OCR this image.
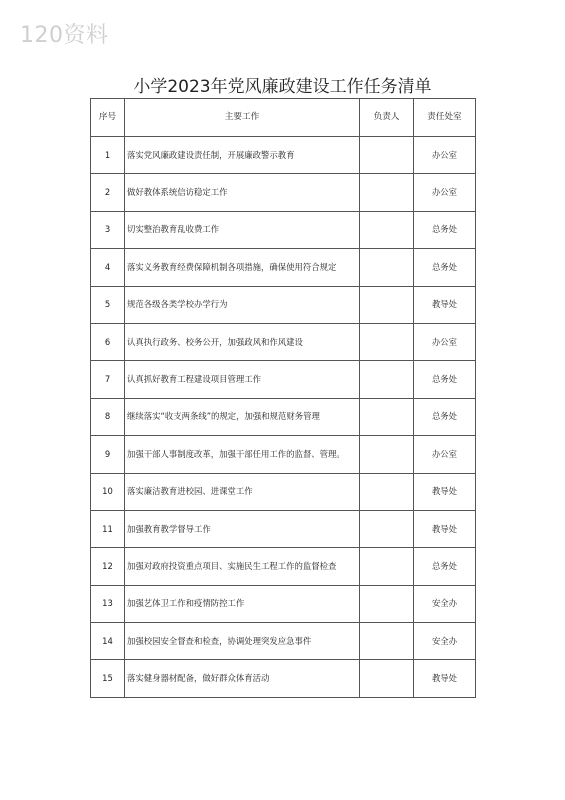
120资料
小学2023年党风廉政建设工作任务清单
序号	主要工作	负责人	责任处室
1	落实党风廉政建设责任制，开展廉政警示教育		办公室
2	做好教体系统信访稳定工作		办公室
3	切实整治教育乱收费工作		总务处
4	落实义务教育经费保障机制各项措施，确保使用符合规定		总务处
5	规范各级各类学校办学行为		教导处
6	认真执行政务、校务公开，加强政风和作风建设		办公室
7	认真抓好教育工程建设项目管理工作		总务处
8	继续落实“收支两条线”的规定，加强和规范财务管理		总务处
9	加强干部人事制度改革，加强干部任用工作的监督、管理。		办公室
10	落实廉洁教育进校园、进课堂工作		教导处
11	加强教育教学督导工作		教导处
12	加强对政府投资重点项目、实施民生工程工作的监督检查		总务处
13	加强艺体卫工作和疫情防控工作		安全办
14	加强校园安全督查和检查，协调处理突发应急事件		安全办
15	落实健身器材配备，做好群众体育活动		教导处
